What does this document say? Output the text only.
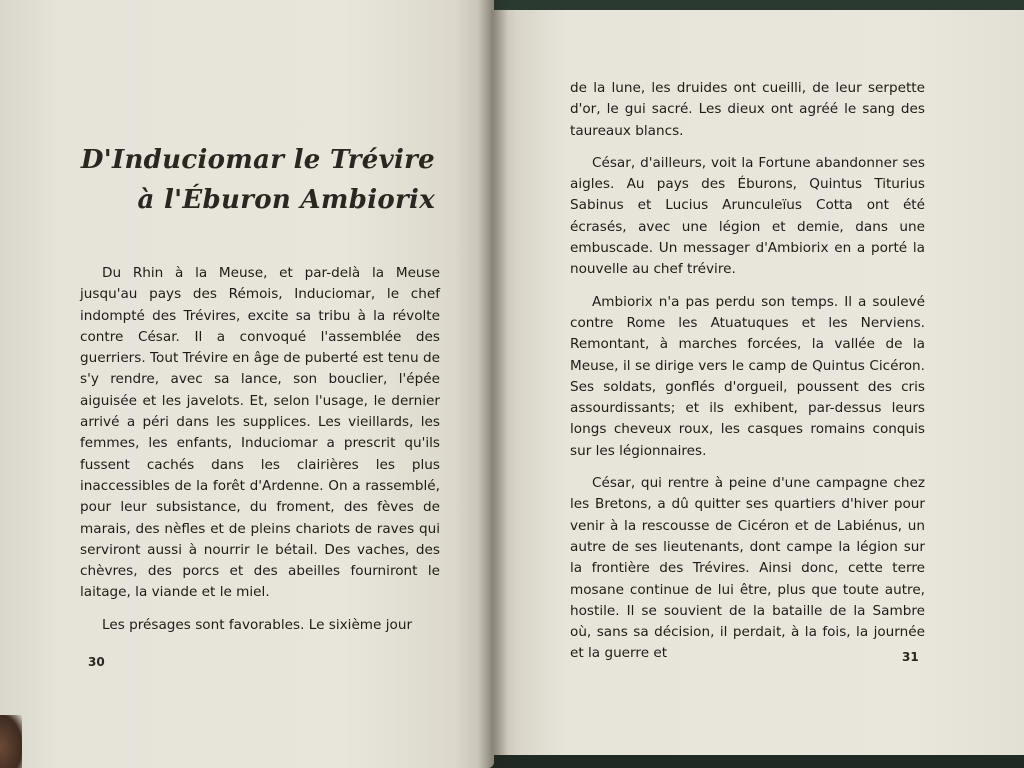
D'Induciomar le Trévire
à l'Éburon Ambiorix

Du Rhin à la Meuse, et par-delà la Meuse jusqu'au pays des Rémois, Induciomar, le chef indompté des Trévires, excite sa tribu à la révolte contre César. Il a convoqué l'assemblée des guerriers. Tout Trévire en âge de puberté est tenu de s'y rendre, avec sa lance, son bouclier, l'épée aiguisée et les javelots. Et, selon l'usage, le dernier arrivé a péri dans les supplices. Les vieillards, les femmes, les enfants, Induciomar a prescrit qu'ils fussent cachés dans les clairières les plus inaccessibles de la forêt d'Ardenne. On a rassemblé, pour leur subsistance, du froment, des fèves de marais, des nèfles et de pleins chariots de raves qui serviront aussi à nourrir le bétail. Des vaches, des chèvres, des porcs et des abeilles fourniront le laitage, la viande et le miel.

Les présages sont favorables. Le sixième jour

30

de la lune, les druides ont cueilli, de leur serpette d'or, le gui sacré. Les dieux ont agréé le sang des taureaux blancs.

César, d'ailleurs, voit la Fortune abandonner ses aigles. Au pays des Éburons, Quintus Titurius Sabinus et Lucius Arunculeïus Cotta ont été écrasés, avec une légion et demie, dans une embuscade. Un messager d'Ambiorix en a porté la nouvelle au chef trévire.

Ambiorix n'a pas perdu son temps. Il a soulevé contre Rome les Atuatuques et les Nerviens. Remontant, à marches forcées, la vallée de la Meuse, il se dirige vers le camp de Quintus Cicéron. Ses soldats, gonflés d'orgueil, poussent des cris assourdissants; et ils exhibent, par-dessus leurs longs cheveux roux, les casques romains conquis sur les légionnaires.

César, qui rentre à peine d'une campagne chez les Bretons, a dû quitter ses quartiers d'hiver pour venir à la rescousse de Cicéron et de Labiénus, un autre de ses lieutenants, dont campe la légion sur la frontière des Trévires. Ainsi donc, cette terre mosane continue de lui être, plus que toute autre, hostile. Il se souvient de la bataille de la Sambre où, sans sa décision, il perdait, à la fois, la journée et la guerre et	31
